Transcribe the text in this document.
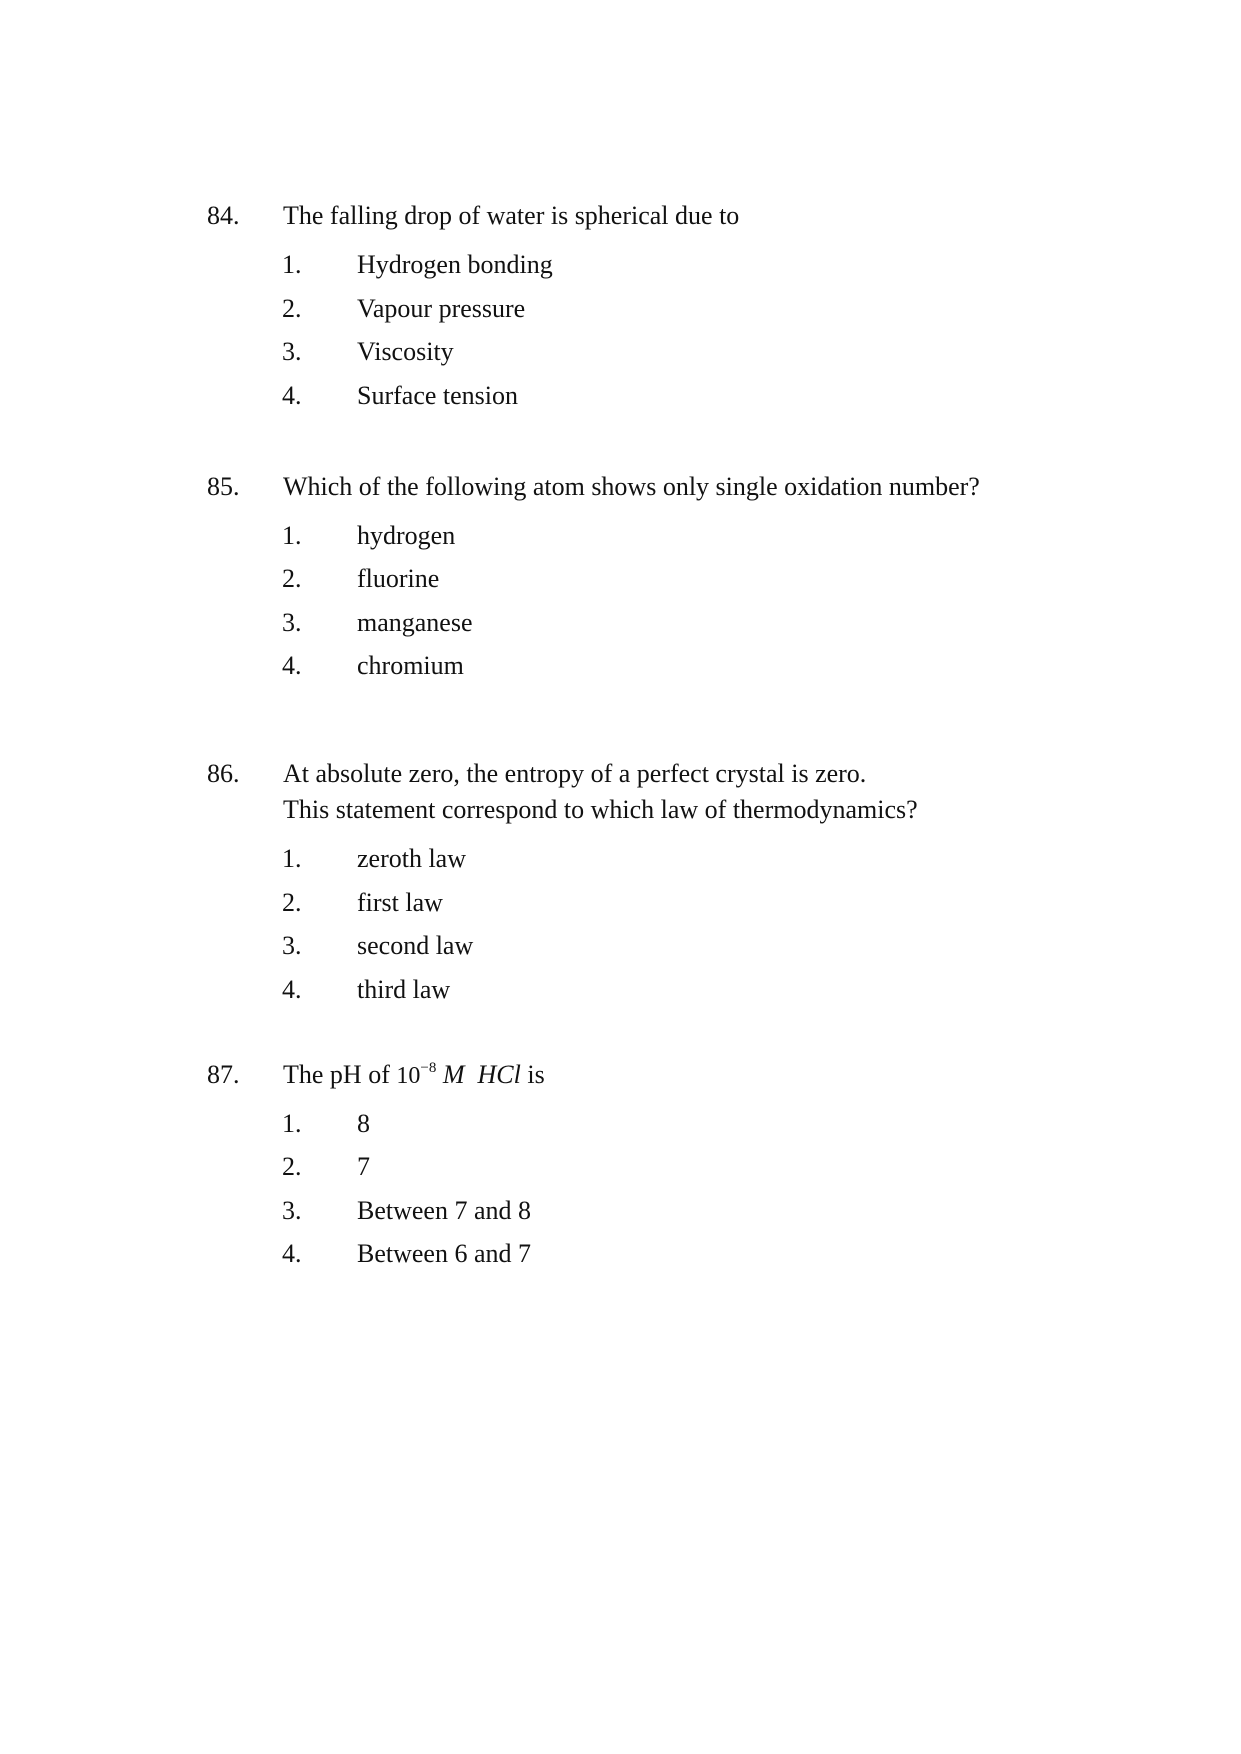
84. The falling drop of water is spherical due to
1. Hydrogen bonding
2. Vapour pressure
3. Viscosity
4. Surface tension
85. Which of the following atom shows only single oxidation number?
1. hydrogen
2. fluorine
3. manganese
4. chromium
86. At absolute zero, the entropy of a perfect crystal is zero.
This statement correspond to which law of thermodynamics?
1. zeroth law
2. first law
3. second law
4. third law
87. The pH of $10^{-8}$ M HCl is
1. 8
2. 7
3. Between 7 and 8
4. Between 6 and 7
